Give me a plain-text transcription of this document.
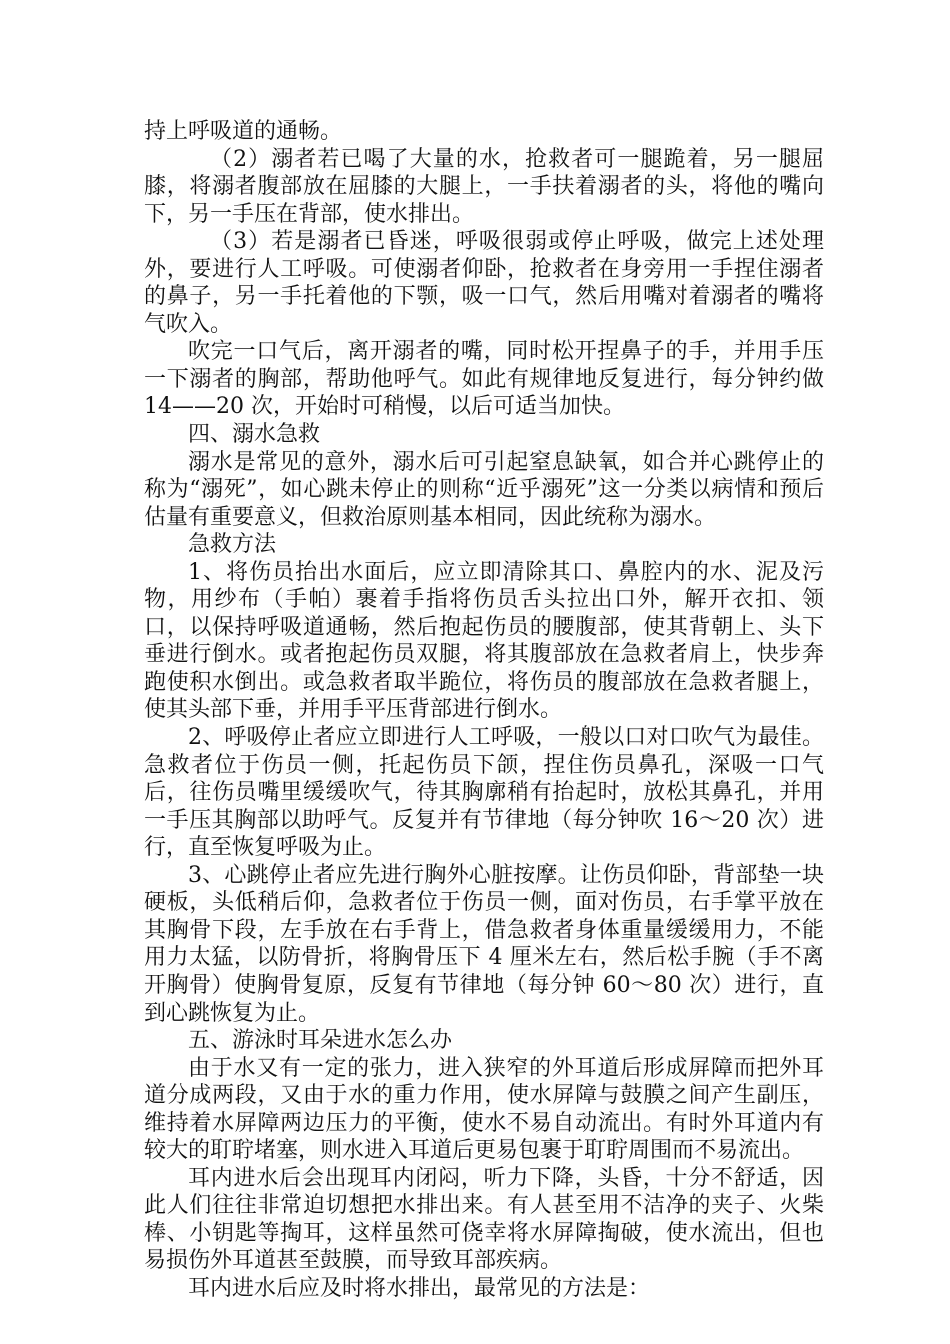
持上呼吸道的通畅。

（2）溺者若已喝了大量的水，抢救者可一腿跪着，另一腿屈膝，将溺者腹部放在屈膝的大腿上，一手扶着溺者的头，将他的嘴向下，另一手压在背部，使水排出。

（3）若是溺者已昏迷，呼吸很弱或停止呼吸，做完上述处理外，要进行人工呼吸。可使溺者仰卧，抢救者在身旁用一手捏住溺者的鼻子，另一手托着他的下颚，吸一口气，然后用嘴对着溺者的嘴将气吹入。

吹完一口气后，离开溺者的嘴，同时松开捏鼻子的手，并用手压一下溺者的胸部，帮助他呼气。如此有规律地反复进行，每分钟约做 14——20 次，开始时可稍慢，以后可适当加快。

四、溺水急救

溺水是常见的意外，溺水后可引起窒息缺氧，如合并心跳停止的称为“溺死”，如心跳未停止的则称“近乎溺死”这一分类以病情和预后估量有重要意义，但救治原则基本相同，因此统称为溺水。

急救方法

1、将伤员抬出水面后，应立即清除其口、鼻腔内的水、泥及污物，用纱布（手帕）裹着手指将伤员舌头拉出口外，解开衣扣、领口，以保持呼吸道通畅，然后抱起伤员的腰腹部，使其背朝上、头下垂进行倒水。或者抱起伤员双腿，将其腹部放在急救者肩上，快步奔跑使积水倒出。或急救者取半跪位，将伤员的腹部放在急救者腿上，使其头部下垂，并用手平压背部进行倒水。

2、呼吸停止者应立即进行人工呼吸，一般以口对口吹气为最佳。急救者位于伤员一侧，托起伤员下颌，捏住伤员鼻孔，深吸一口气后，往伤员嘴里缓缓吹气，待其胸廓稍有抬起时，放松其鼻孔，并用一手压其胸部以助呼气。反复并有节律地（每分钟吹 16～20 次）进行，直至恢复呼吸为止。

3、心跳停止者应先进行胸外心脏按摩。让伤员仰卧，背部垫一块硬板，头低稍后仰，急救者位于伤员一侧，面对伤员，右手掌平放在其胸骨下段，左手放在右手背上，借急救者身体重量缓缓用力，不能用力太猛，以防骨折，将胸骨压下 4 厘米左右，然后松手腕（手不离开胸骨）使胸骨复原，反复有节律地（每分钟 60～80 次）进行，直到心跳恢复为止。

五、游泳时耳朵进水怎么办

由于水又有一定的张力，进入狭窄的外耳道后形成屏障而把外耳道分成两段，又由于水的重力作用，使水屏障与鼓膜之间产生副压，维持着水屏障两边压力的平衡，使水不易自动流出。有时外耳道内有较大的耵聍堵塞，则水进入耳道后更易包裹于耵聍周围而不易流出。

耳内进水后会出现耳内闭闷，听力下降，头昏，十分不舒适，因此人们往往非常迫切想把水排出来。有人甚至用不洁净的夹子、火柴棒、小钥匙等掏耳，这样虽然可侥幸将水屏障掏破，使水流出，但也易损伤外耳道甚至鼓膜，而导致耳部疾病。

耳内进水后应及时将水排出，最常见的方法是：
